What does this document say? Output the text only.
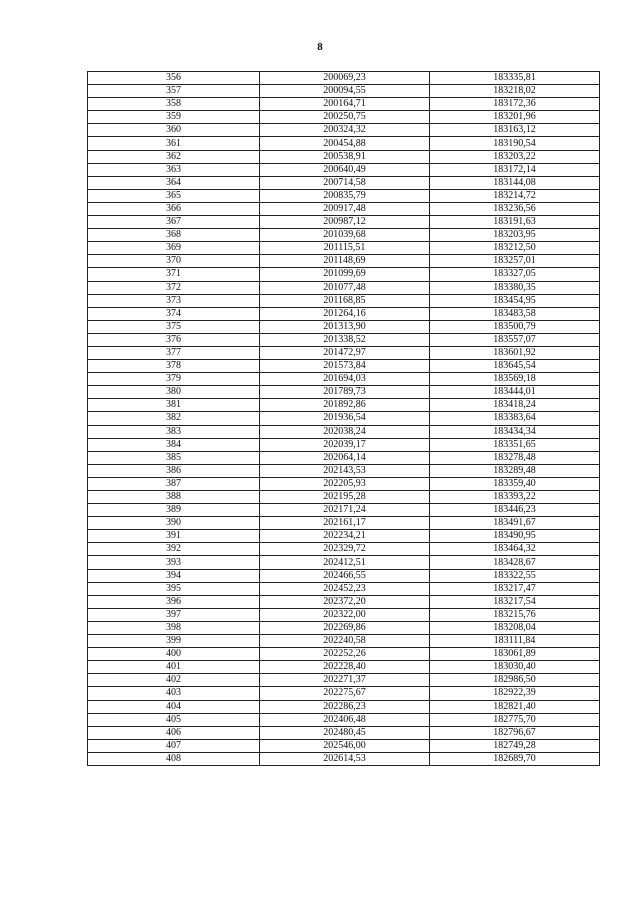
8
356	200069,23	183335,81
357	200094,55	183218,02
358	200164,71	183172,36
359	200250,75	183201,96
360	200324,32	183163,12
361	200454,88	183190,54
362	200538,91	183203,22
363	200640,49	183172,14
364	200714,58	183144,08
365	200835,79	183214,72
366	200917,48	183236,56
367	200987,12	183191,63
368	201039,68	183203,95
369	201115,51	183212,50
370	201148,69	183257,01
371	201099,69	183327,05
372	201077,48	183380,35
373	201168,85	183454,95
374	201264,16	183483,58
375	201313,90	183500,79
376	201338,52	183557,07
377	201472,97	183601,92
378	201573,84	183645,54
379	201694,03	183569,18
380	201789,73	183444,01
381	201892,86	183418,24
382	201936,54	183383,64
383	202038,24	183434,34
384	202039,17	183351,65
385	202064,14	183278,48
386	202143,53	183289,48
387	202205,93	183359,40
388	202195,28	183393,22
389	202171,24	183446,23
390	202161,17	183491,67
391	202234,21	183490,95
392	202329,72	183464,32
393	202412,51	183428,67
394	202466,55	183322,55
395	202452,23	183217,47
396	202372,20	183217,54
397	202322,00	183215,76
398	202269,86	183208,04
399	202240,58	183111,84
400	202252,26	183061,89
401	202228,40	183030,40
402	202271,37	182986,50
403	202275,67	182922,39
404	202286,23	182821,40
405	202406,48	182775,70
406	202480,45	182796,67
407	202546,00	182749,28
408	202614,53	182689,70
